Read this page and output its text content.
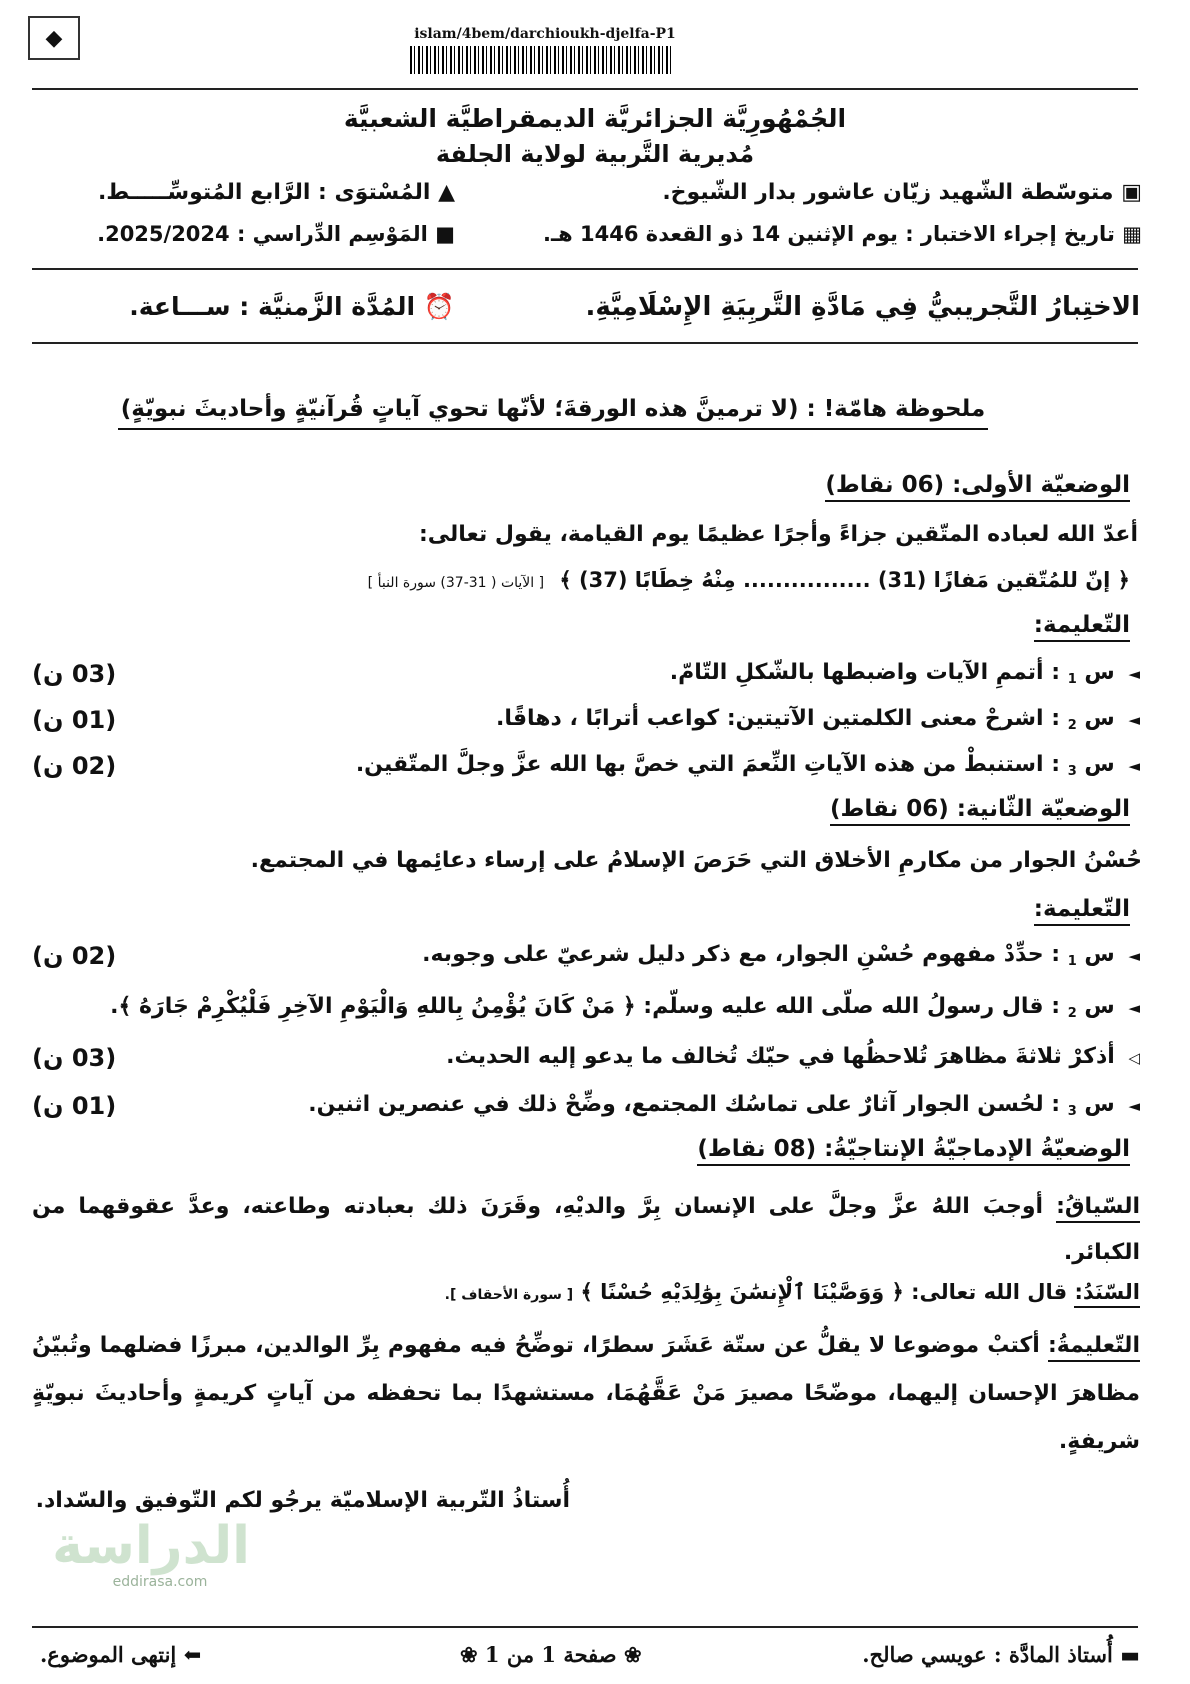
◆	islam/4bem/darchioukh-djelfa-P1
الجُمْهُورِيَّة الجزائريَّة الديمقراطيَّة الشعبيَّة
مُديرية التَّربية لولاية الجلفة
▣ متوسّطة الشّهيد زيّان عاشور بدار الشّيوخ.
▲ المُسْتوَى : الرَّابع المُتوسِّـــــط.
▦ تاريخ إجراء الاختبار : يوم الإثنين 14 ذو القعدة 1446 هـ.
■ المَوْسِم الدِّراسي : 2025/2024.
الاختِبارُ التَّجريبيُّ فِي مَادَّةِ التَّربِيَةِ الإِسْلَامِيَّةِ.
⏰ المُدَّة الزَّمنيَّة : ســـاعة.
ملحوظة هامّة! : (لا ترمينَّ هذه الورقةَ؛ لأنّها تحوي آياتٍ قُرآنيّةٍ وأحاديثَ نبويّةٍ)
الوضعيّة الأولى: (06 نقاط)
أعدّ الله لعباده المتّقين جزاءً وأجرًا عظيمًا يوم القيامة، يقول تعالى:
﴿ إنّ للمُتّقين مَفازًا (31) ................ مِنْهُ خِطَابًا (37) ﴾ [ الآيات ( 31-37) سورة النبأ ]
التّعليمة:
◄ س $_1$ : أتممِ الآيات واضبطها بالشّكلِ التّامّ.
(03 ن)
◄ س $_2$ : اشرحْ معنى الكلمتين الآتيتين: كواعب أترابًا ، دهاقًا.
(01 ن)
◄ س $_3$ : استنبطْ من هذه الآياتِ النِّعمَ التي خصَّ بها الله عزَّ وجلَّ المتّقين.
(02 ن)
الوضعيّة الثّانية: (06 نقاط)
حُسْنُ الجوار من مكارمِ الأخلاق التي حَرَصَ الإسلامُ على إرساء دعائِمها في المجتمع.
التّعليمة:
◄ س $_1$ : حدِّدْ مفهوم حُسْنِ الجوار، مع ذكر دليل شرعيّ على وجوبه.
(02 ن)
◄ س $_2$ : قال رسولُ الله صلّى الله عليه وسلّم: ﴿ مَنْ كَانَ يُؤْمِنُ بِاللهِ وَالْيَوْمِ الآخِرِ فَلْيُكْرِمْ جَارَهُ ﴾.
◁ أذكرْ ثلاثةَ مظاهرَ تُلاحظُها في حيّك تُخالف ما يدعو إليه الحديث.
(03 ن)
◄ س $_3$ : لحُسن الجوار آثارٌ على تماسُك المجتمع، وضِّحْ ذلك في عنصرين اثنين.
(01 ن)
الوضعيّةُ الإدماجيّةُ الإنتاجيّةُ: (08 نقاط)
السّياقُ: أوجبَ اللهُ عزَّ وجلَّ على الإنسان بِرَّ والديْهِ، وقَرَنَ ذلك بعبادته وطاعته، وعدَّ عقوقهما من الكبائر.
السّنَدُ: قال الله تعالى: ﴿ وَوَصَّيْنَا ٱلْإِنسَٰنَ بِوَٰلِدَيْهِ حُسْنًا ﴾ [ سورة الأحقاف ].
التّعليمةُ: أكتبْ موضوعا لا يقلُّ عن ستّة عَشَرَ سطرًا، توضِّحُ فيه مفهوم بِرِّ الوالدين، مبرزًا فضلهما وتُبيّنُ مظاهرَ الإحسان إليهما، موضّحًا مصيرَ مَنْ عَقَّهُمَا، مستشهدًا بما تحفظه من آياتٍ كريمةٍ وأحاديثَ نبويّةٍ شريفةٍ.
أُستاذُ التّربية الإسلاميّة يرجُو لكم التّوفيق والسّداد.
الدراسة
eddirasa.com
▬ أُستاذ المادَّة : عويسي صالح.
❀ صفحة 1 من 1 ❀
⬅ إنتهى الموضوع.
